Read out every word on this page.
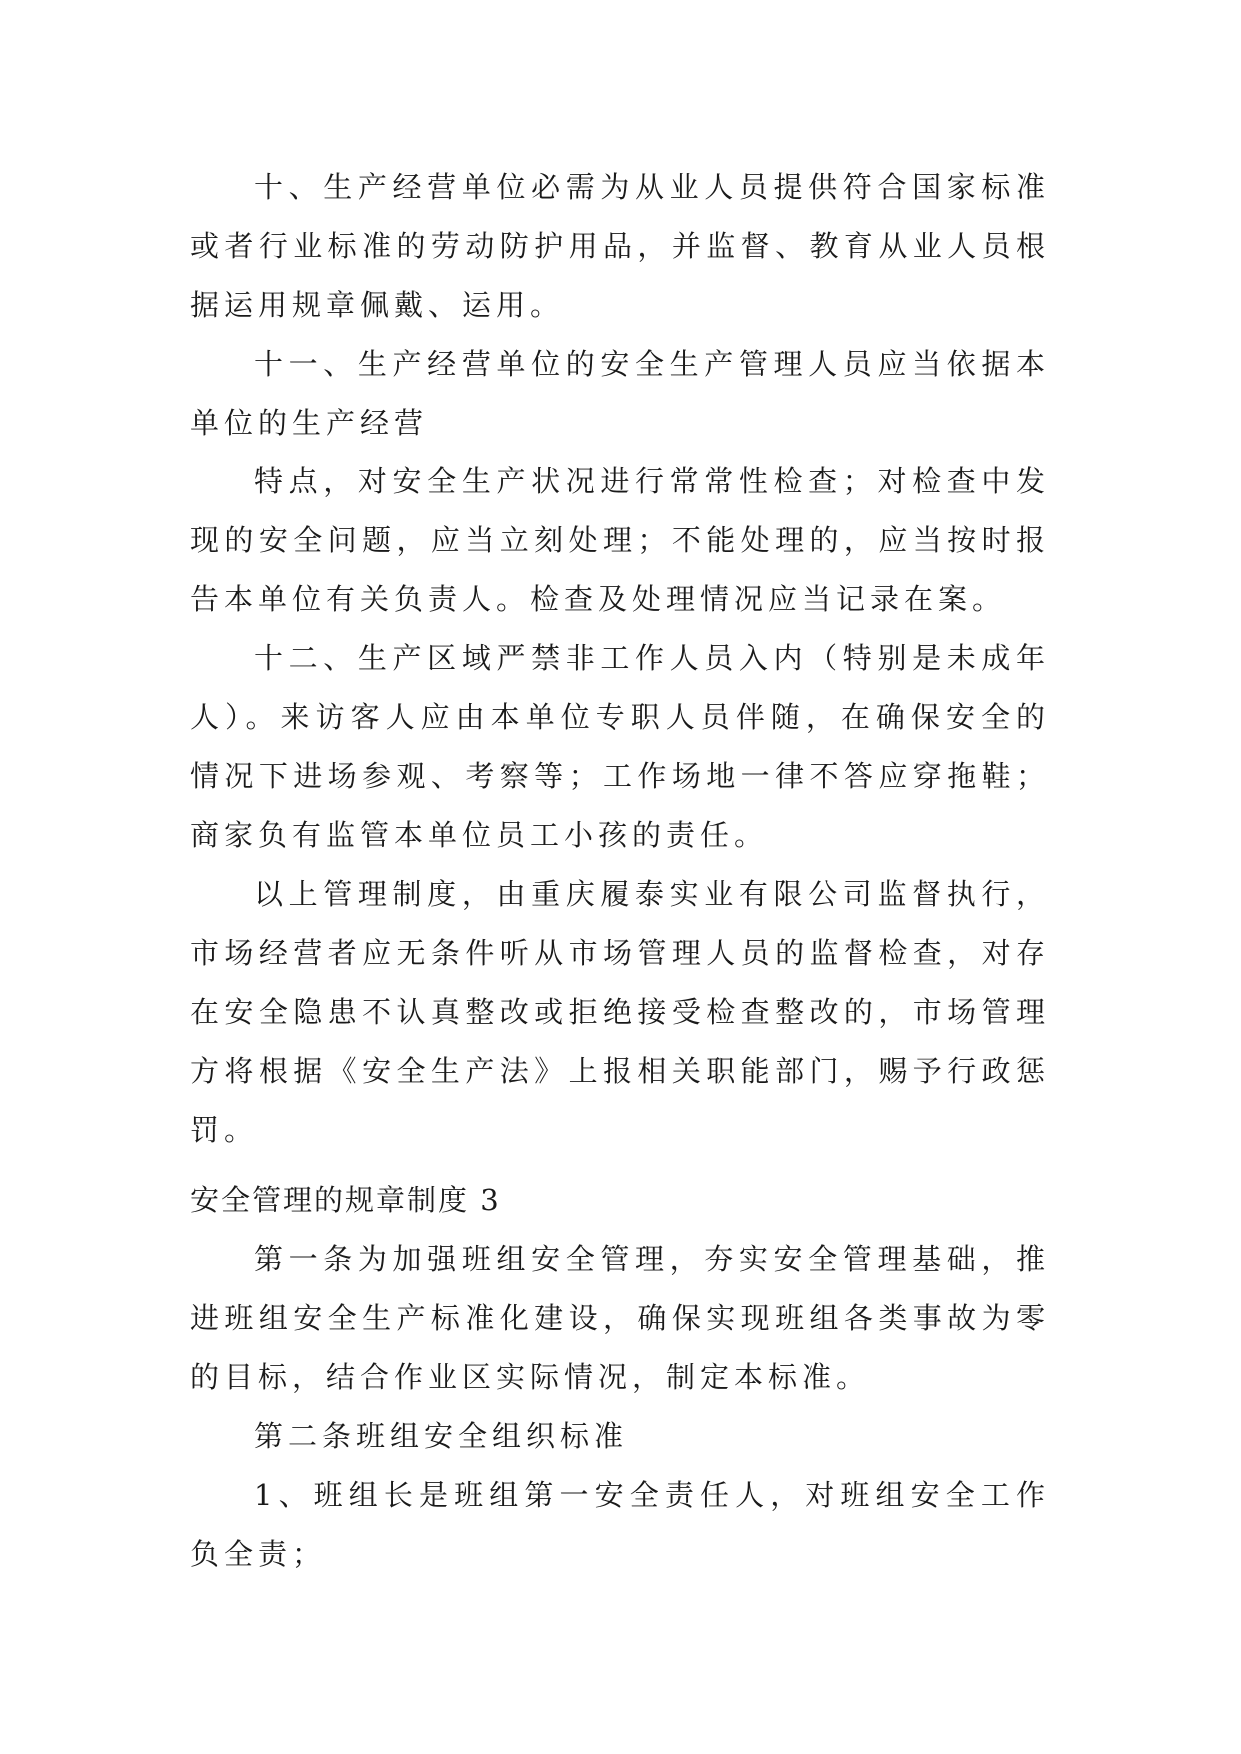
十、生产经营单位必需为从业人员提供符合国家标准或者行业标准的劳动防护用品，并监督、教育从业人员根据运用规章佩戴、运用。

十一、生产经营单位的安全生产管理人员应当依据本单位的生产经营

特点，对安全生产状况进行常常性检查；对检查中发现的安全问题，应当立刻处理；不能处理的，应当按时报告本单位有关负责人。检查及处理情况应当记录在案。

十二、生产区域严禁非工作人员入内（特别是未成年人）。来访客人应由本单位专职人员伴随，在确保安全的情况下进场参观、考察等；工作场地一律不答应穿拖鞋；商家负有监管本单位员工小孩的责任。

以上管理制度，由重庆履泰实业有限公司监督执行，市场经营者应无条件听从市场管理人员的监督检查，对存在安全隐患不认真整改或拒绝接受检查整改的，市场管理方将根据《安全生产法》上报相关职能部门，赐予行政惩罚。

安全管理的规章制度 3

第一条为加强班组安全管理，夯实安全管理基础，推进班组安全生产标准化建设，确保实现班组各类事故为零的目标，结合作业区实际情况，制定本标准。

第二条班组安全组织标准

1、班组长是班组第一安全责任人，对班组安全工作负全责；
